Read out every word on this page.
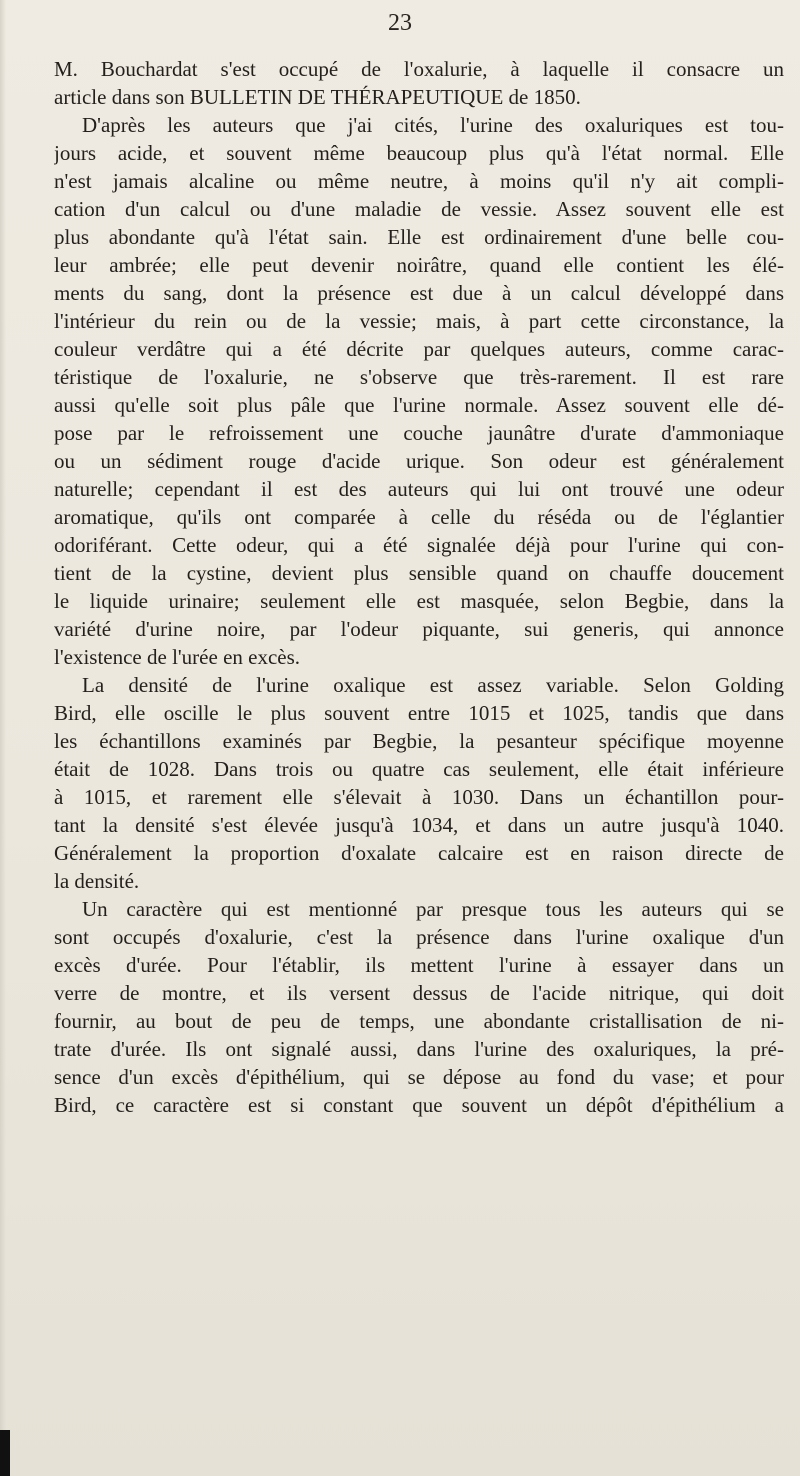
23
M. Bouchardat s'est occupé de l'oxalurie, à laquelle il consacre un
article dans son BULLETIN DE THÉRAPEUTIQUE de 1850.
D'après les auteurs que j'ai cités, l'urine des oxaluriques est tou-
jours acide, et souvent même beaucoup plus qu'à l'état normal. Elle
n'est jamais alcaline ou même neutre, à moins qu'il n'y ait compli-
cation d'un calcul ou d'une maladie de vessie. Assez souvent elle est
plus abondante qu'à l'état sain. Elle est ordinairement d'une belle cou-
leur ambrée; elle peut devenir noirâtre, quand elle contient les élé-
ments du sang, dont la présence est due à un calcul développé dans
l'intérieur du rein ou de la vessie; mais, à part cette circonstance, la
couleur verdâtre qui a été décrite par quelques auteurs, comme carac-
téristique de l'oxalurie, ne s'observe que très-rarement. Il est rare
aussi qu'elle soit plus pâle que l'urine normale. Assez souvent elle dé-
pose par le refroissement une couche jaunâtre d'urate d'ammoniaque
ou un sédiment rouge d'acide urique. Son odeur est généralement
naturelle; cependant il est des auteurs qui lui ont trouvé une odeur
aromatique, qu'ils ont comparée à celle du réséda ou de l'églantier
odoriférant. Cette odeur, qui a été signalée déjà pour l'urine qui con-
tient de la cystine, devient plus sensible quand on chauffe doucement
le liquide urinaire; seulement elle est masquée, selon Begbie, dans la
variété d'urine noire, par l'odeur piquante, sui generis, qui annonce
l'existence de l'urée en excès.
La densité de l'urine oxalique est assez variable. Selon Golding
Bird, elle oscille le plus souvent entre 1015 et 1025, tandis que dans
les échantillons examinés par Begbie, la pesanteur spécifique moyenne
était de 1028. Dans trois ou quatre cas seulement, elle était inférieure
à 1015, et rarement elle s'élevait à 1030. Dans un échantillon pour-
tant la densité s'est élevée jusqu'à 1034, et dans un autre jusqu'à 1040.
Généralement la proportion d'oxalate calcaire est en raison directe de
la densité.
Un caractère qui est mentionné par presque tous les auteurs qui se
sont occupés d'oxalurie, c'est la présence dans l'urine oxalique d'un
excès d'urée. Pour l'établir, ils mettent l'urine à essayer dans un
verre de montre, et ils versent dessus de l'acide nitrique, qui doit
fournir, au bout de peu de temps, une abondante cristallisation de ni-
trate d'urée. Ils ont signalé aussi, dans l'urine des oxaluriques, la pré-
sence d'un excès d'épithélium, qui se dépose au fond du vase; et pour
Bird, ce caractère est si constant que souvent un dépôt d'épithélium a
